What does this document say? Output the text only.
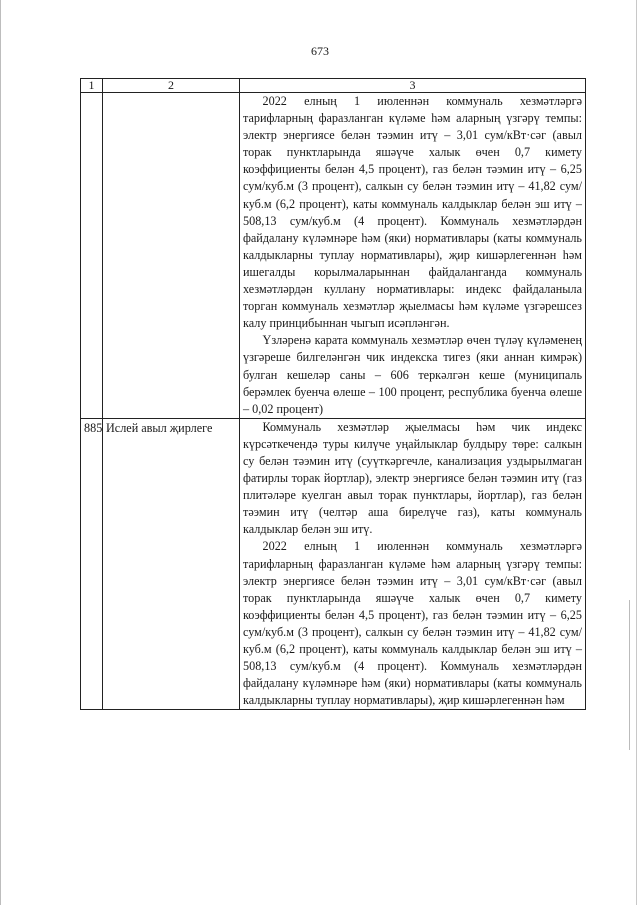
673
1	2	3

		2022 елның 1 июленнән коммуналь хезмәтләргә тарифларның фаразланган күләме һәм аларның үзгәрү темпы: электр энергиясе белән тәэмин итү – 3,01 сум/кВт·сәг (авыл торак пунктларында яшәүче халык өчен 0,7 кимету коэффициенты белән 4,5 процент), газ белән тәэмин итү – 6,25 сум/куб.м (3 процент), салкын су белән тәэмин итү – 41,82 сум/куб.м (6,2 процент), каты коммуналь калдыклар белән эш итү – 508,13 сум/куб.м (4 процент). Коммуналь хезмәтләрдән файдалану күләмнәре һәм (яки) нормативлары (каты коммуналь калдыкларны туплау нормативлары), җир кишәрлегеннән һәм ишегалды корылмаларыннан файдаланганда коммуналь хезмәтләрдән куллану нормативлары: индекс файдаланыла торган коммуналь хезмәтләр җыелмасы һәм күләме үзгәрешсез калу принцибыннан чыгып исәпләнгән.

Үзләренә карата коммуналь хезмәтләр өчен түләү күләменең үзгәреше билгеләнгән чик индекска тигез (яки аннан кимрәк) булган кешеләр саны – 606 теркәлгән кеше (муниципаль берәмлек буенча өлеше – 100 процент, республика буенча өлеше – 0,02 процент)

885	Ислей авыл җирлеге	Коммуналь хезмәтләр җыелмасы һәм чик индекс күрсәткечендә туры килүче уңайлыклар булдыру төре: салкын су белән тәэмин итү (суүткәргечле, канализация уздырылмаган фатирлы торак йортлар), электр энергиясе белән тәэмин итү (газ плитәләре куелган авыл торак пунктлары, йортлар), газ белән тәэмин итү (челтәр аша бирелүче газ), каты коммуналь калдыклар белән эш итү.

2022 елның 1 июленнән коммуналь хезмәтләргә тарифларның фаразланган күләме һәм аларның үзгәрү темпы: электр энергиясе белән тәэмин итү – 3,01 сум/кВт·сәг (авыл торак пунктларында яшәүче халык өчен 0,7 кимету коэффициенты белән 4,5 процент), газ белән тәэмин итү – 6,25 сум/куб.м (3 процент), салкын су белән тәэмин итү – 41,82 сум/куб.м (6,2 процент), каты коммуналь калдыклар белән эш итү – 508,13 сум/куб.м (4 процент). Коммуналь хезмәтләрдән файдалану күләмнәре һәм (яки) нормативлары (каты коммуналь калдыкларны туплау нормативлары), җир кишәрлегеннән һәм
